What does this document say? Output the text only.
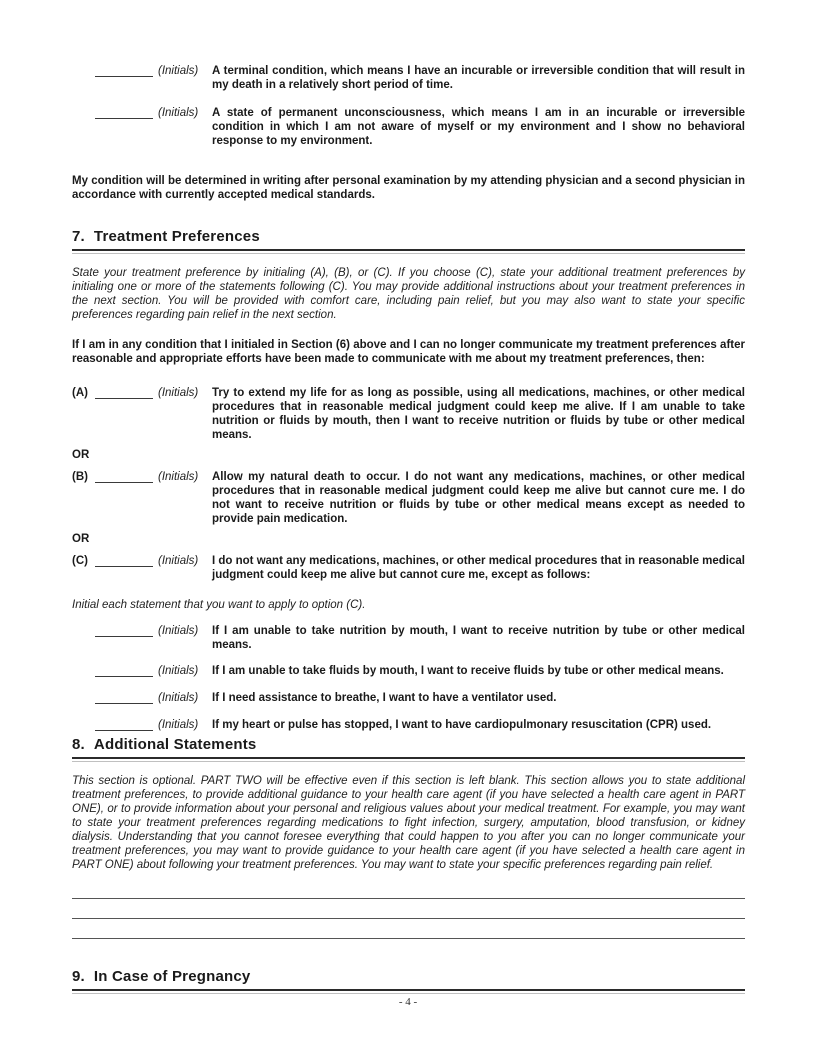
(Initials)	A terminal condition, which means I have an incurable or irreversible condition that will result in my death in a relatively short period of time.
(Initials)	A state of permanent unconsciousness, which means I am in an incurable or irreversible condition in which I am not aware of myself or my environment and I show no behavioral response to my environment.

My condition will be determined in writing after personal examination by my attending physician and a second physician in accordance with currently accepted medical standards.

7. Treatment Preferences

State your treatment preference by initialing (A), (B), or (C). If you choose (C), state your additional treatment preferences by initialing one or more of the statements following (C). You may provide additional instructions about your treatment preferences in the next section. You will be provided with comfort care, including pain relief, but you may also want to state your specific preferences regarding pain relief in the next section.

If I am in any condition that I initialed in Section (6) above and I can no longer communicate my treatment preferences after reasonable and appropriate efforts have been made to communicate with me about my treatment preferences, then:

(A)	(Initials)	Try to extend my life for as long as possible, using all medications, machines, or other medical procedures that in reasonable medical judgment could keep me alive. If I am unable to take nutrition or fluids by mouth, then I want to receive nutrition or fluids by tube or other medical means.
OR
(B)	(Initials)	Allow my natural death to occur. I do not want any medications, machines, or other medical procedures that in reasonable medical judgment could keep me alive but cannot cure me. I do not want to receive nutrition or fluids by tube or other medical means except as needed to provide pain medication.
OR
(C)	(Initials)	I do not want any medications, machines, or other medical procedures that in reasonable medical judgment could keep me alive but cannot cure me, except as follows:

Initial each statement that you want to apply to option (C).

(Initials)	If I am unable to take nutrition by mouth, I want to receive nutrition by tube or other medical means.
(Initials)	If I am unable to take fluids by mouth, I want to receive fluids by tube or other medical means.
(Initials)	If I need assistance to breathe, I want to have a ventilator used.
(Initials)	If my heart or pulse has stopped, I want to have cardiopulmonary resuscitation (CPR) used.
8. Additional Statements

This section is optional. PART TWO will be effective even if this section is left blank. This section allows you to state additional treatment preferences, to provide additional guidance to your health care agent (if you have selected a health care agent in PART ONE), or to provide information about your personal and religious values about your medical treatment. For example, you may want to state your treatment preferences regarding medications to fight infection, surgery, amputation, blood transfusion, or kidney dialysis. Understanding that you cannot foresee everything that could happen to you after you can no longer communicate your treatment preferences, you may want to provide guidance to your health care agent (if you have selected a health care agent in PART ONE) about following your treatment preferences. You may want to state your specific preferences regarding pain relief.

9. In Case of Pregnancy
- 4 -
